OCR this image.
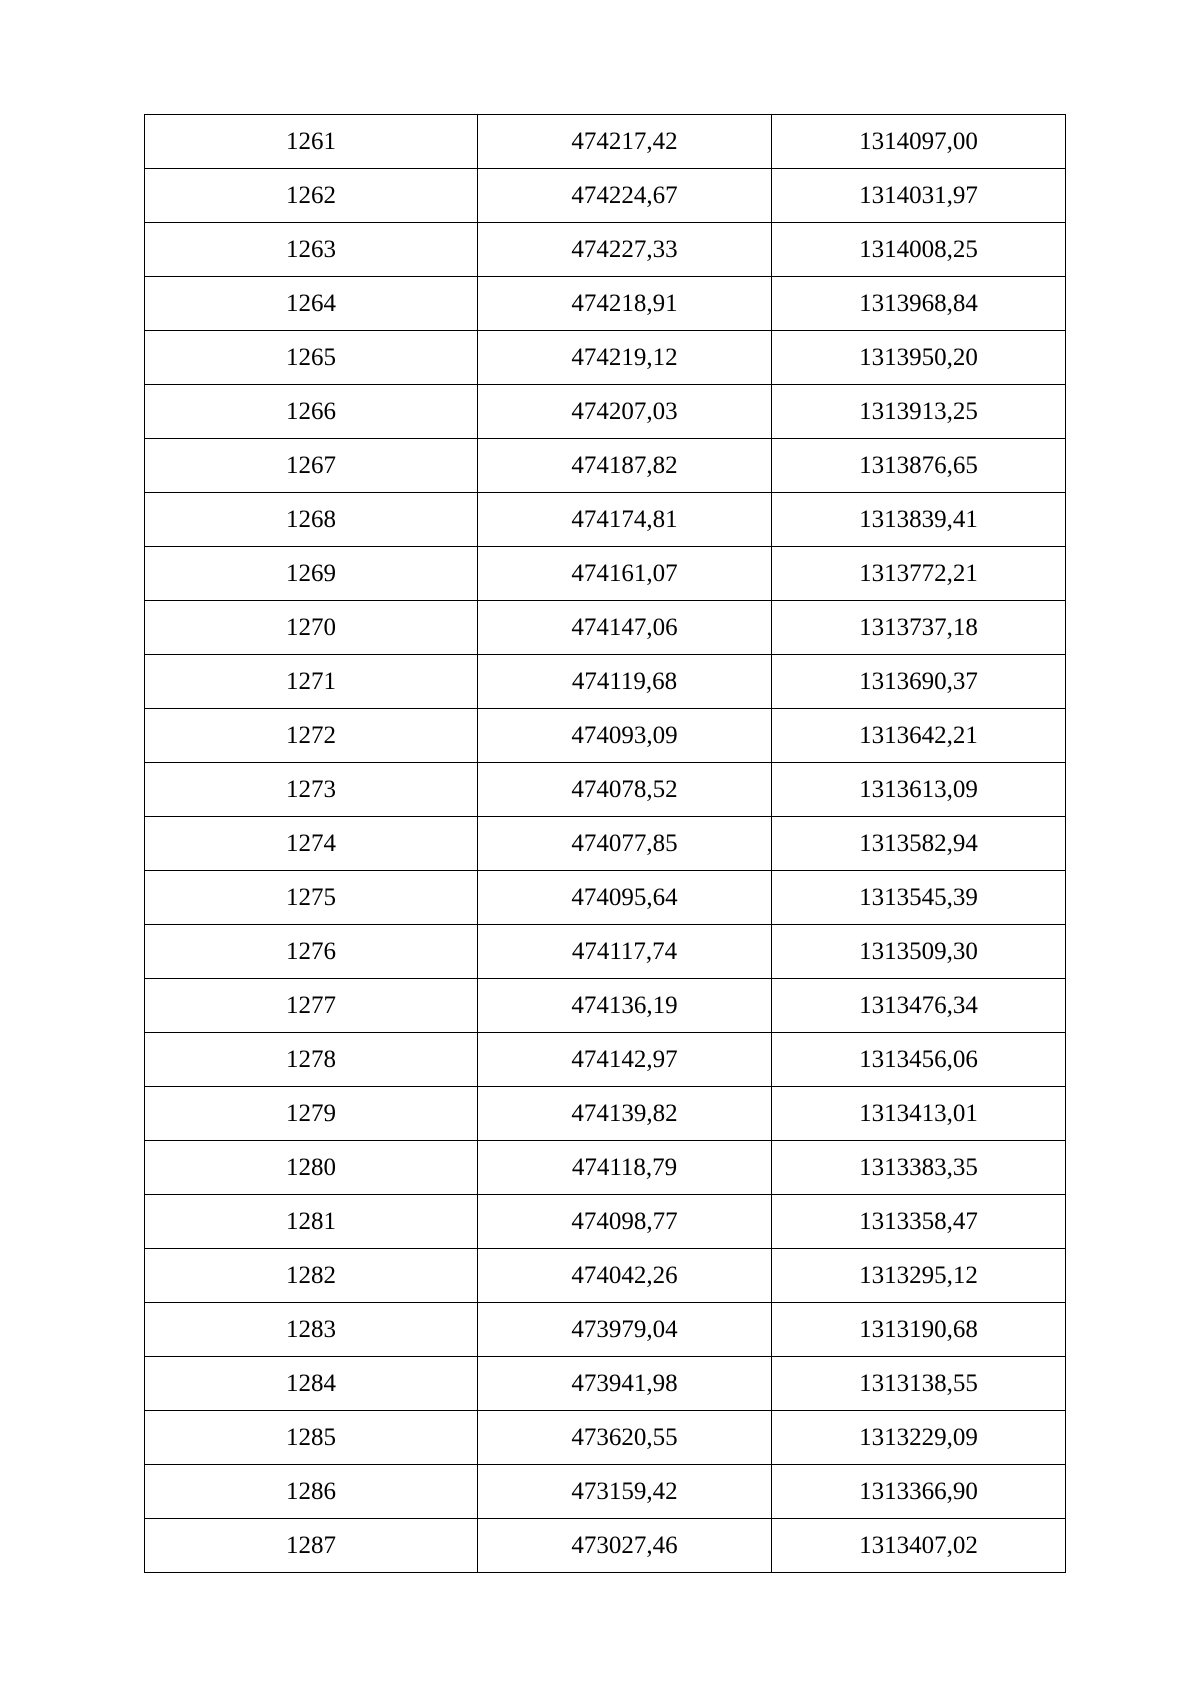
1261	474217,42	1314097,00
1262	474224,67	1314031,97
1263	474227,33	1314008,25
1264	474218,91	1313968,84
1265	474219,12	1313950,20
1266	474207,03	1313913,25
1267	474187,82	1313876,65
1268	474174,81	1313839,41
1269	474161,07	1313772,21
1270	474147,06	1313737,18
1271	474119,68	1313690,37
1272	474093,09	1313642,21
1273	474078,52	1313613,09
1274	474077,85	1313582,94
1275	474095,64	1313545,39
1276	474117,74	1313509,30
1277	474136,19	1313476,34
1278	474142,97	1313456,06
1279	474139,82	1313413,01
1280	474118,79	1313383,35
1281	474098,77	1313358,47
1282	474042,26	1313295,12
1283	473979,04	1313190,68
1284	473941,98	1313138,55
1285	473620,55	1313229,09
1286	473159,42	1313366,90
1287	473027,46	1313407,02
